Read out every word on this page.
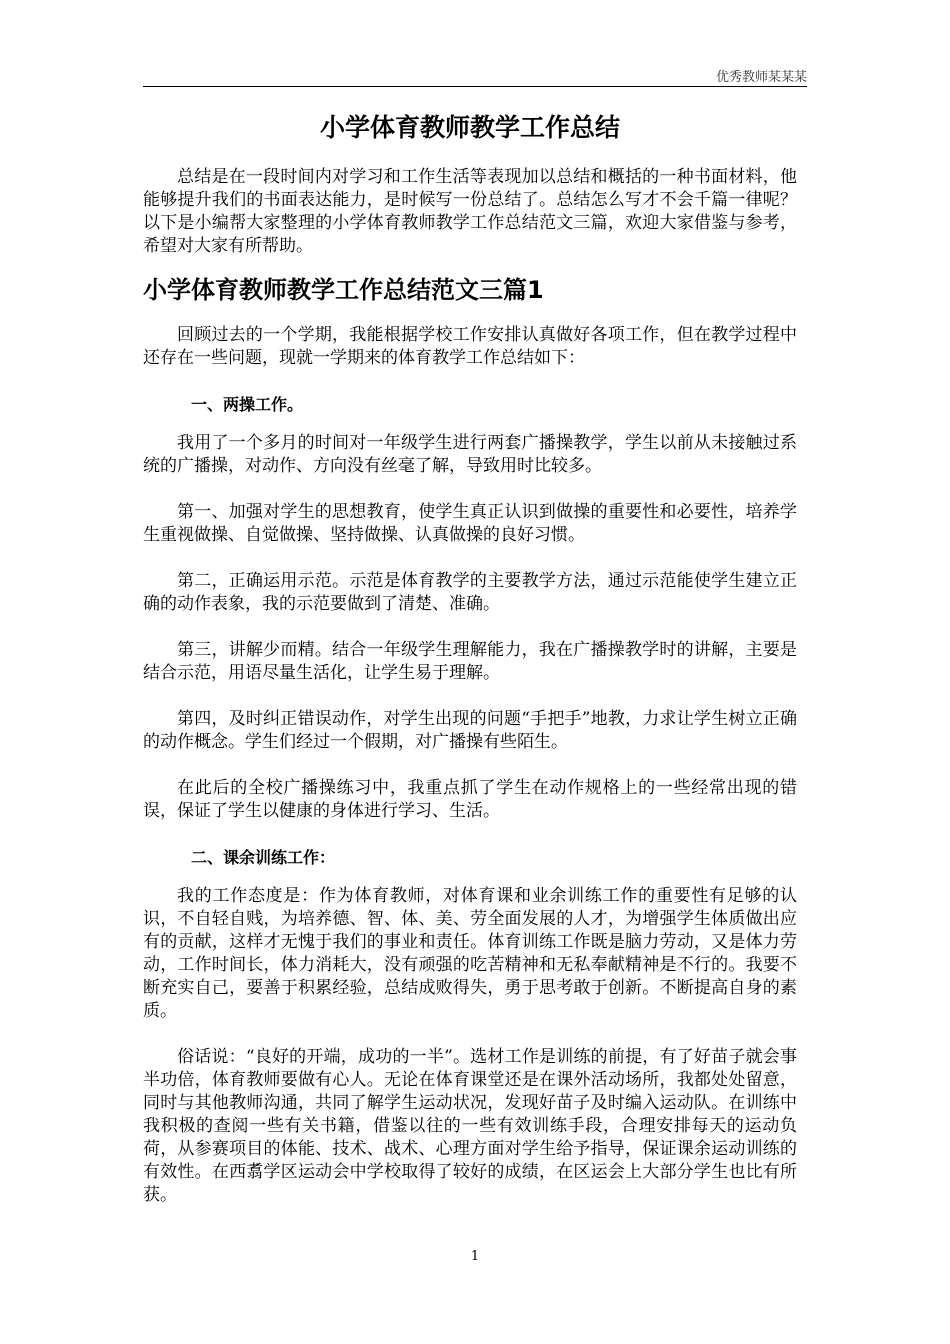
优秀教师某某某
小学体育教师教学工作总结

总结是在一段时间内对学习和工作生活等表现加以总结和概括的一种书面材料，他能够提升我们的书面表达能力，是时候写一份总结了。总结怎么写才不会千篇一律呢？以下是小编帮大家整理的小学体育教师教学工作总结范文三篇，欢迎大家借鉴与参考，希望对大家有所帮助。

小学体育教师教学工作总结范文三篇1

回顾过去的一个学期，我能根据学校工作安排认真做好各项工作，但在教学过程中还存在一些问题，现就一学期来的体育教学工作总结如下：

一、两操工作。

我用了一个多月的时间对一年级学生进行两套广播操教学，学生以前从未接触过系统的广播操，对动作、方向没有丝毫了解，导致用时比较多。

第一、加强对学生的思想教育，使学生真正认识到做操的重要性和必要性，培养学生重视做操、自觉做操、坚持做操、认真做操的良好习惯。

第二，正确运用示范。示范是体育教学的主要教学方法，通过示范能使学生建立正确的动作表象，我的示范要做到了清楚、准确。

第三，讲解少而精。结合一年级学生理解能力，我在广播操教学时的讲解，主要是结合示范，用语尽量生活化，让学生易于理解。

第四，及时纠正错误动作，对学生出现的问题“手把手”地教，力求让学生树立正确的动作概念。学生们经过一个假期，对广播操有些陌生。

在此后的全校广播操练习中，我重点抓了学生在动作规格上的一些经常出现的错误，保证了学生以健康的身体进行学习、生活。

二、课余训练工作：

我的工作态度是：作为体育教师，对体育课和业余训练工作的重要性有足够的认识，不自轻自贱，为培养德、智、体、美、劳全面发展的人才，为增强学生体质做出应有的贡献，这样才无愧于我们的事业和责任。体育训练工作既是脑力劳动，又是体力劳动，工作时间长，体力消耗大，没有顽强的吃苦精神和无私奉献精神是不行的。我要不断充实自己，要善于积累经验，总结成败得失，勇于思考敢于创新。不断提高自身的素质。

俗话说：“良好的开端，成功的一半”。选材工作是训练的前提，有了好苗子就会事半功倍，体育教师要做有心人。无论在体育课堂还是在课外活动场所，我都处处留意，同时与其他教师沟通，共同了解学生运动状况，发现好苗子及时编入运动队。在训练中我积极的查阅一些有关书籍，借鉴以往的一些有效训练手段，合理安排每天的运动负荷，从参赛项目的体能、技术、战术、心理方面对学生给予指导，保证课余运动训练的有效性。在西翥学区运动会中学校取得了较好的成绩，在区运会上大部分学生也比有所获。

1
